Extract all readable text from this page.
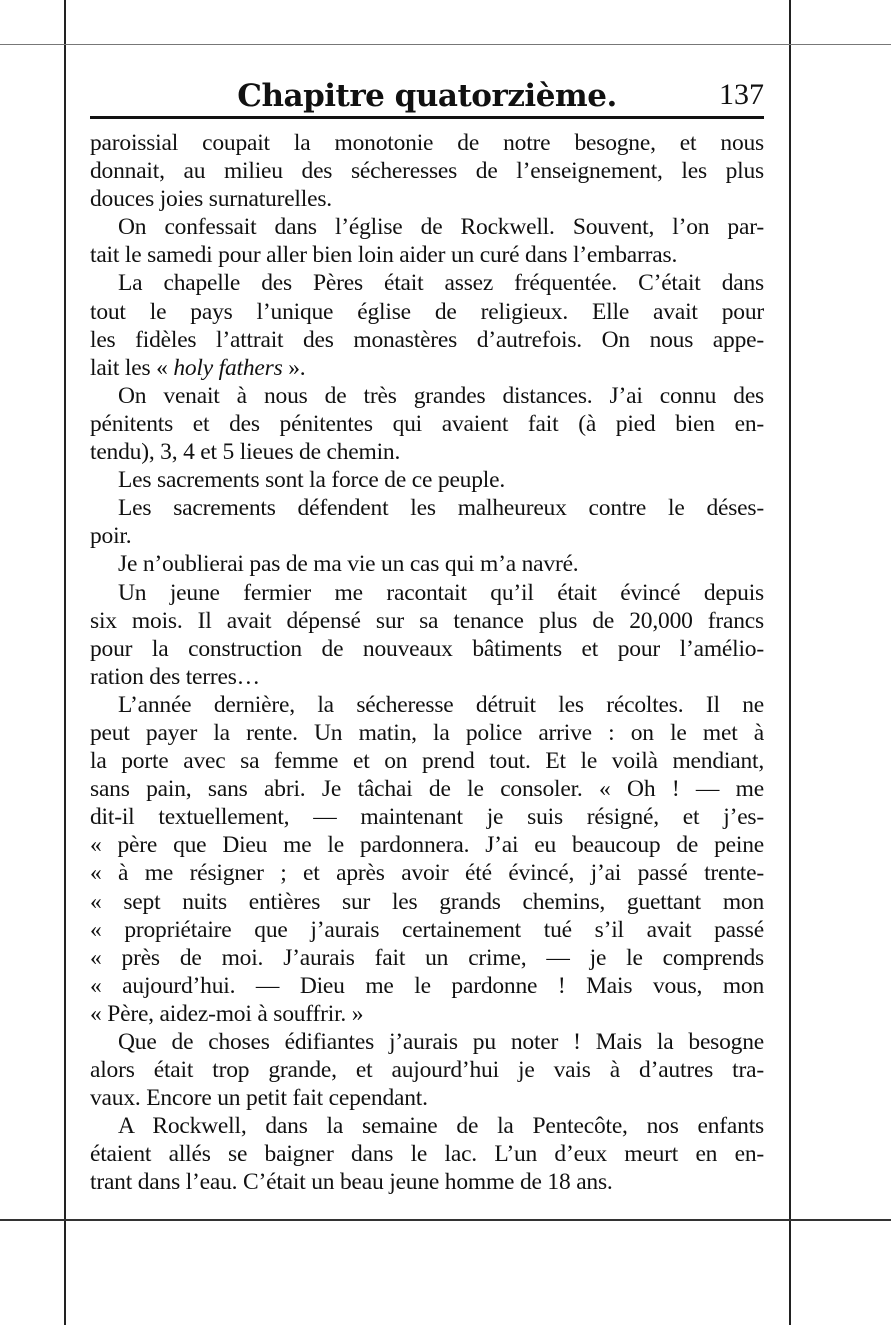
Chapitre quatorzième.	137
paroissial coupait la monotonie de notre besogne, et nous
donnait, au milieu des sécheresses de l’enseignement, les plus
douces joies surnaturelles.
On confessait dans l’église de Rockwell. Souvent, l’on par-
tait le samedi pour aller bien loin aider un curé dans l’embarras.
La chapelle des Pères était assez fréquentée. C’était dans
tout le pays l’unique église de religieux. Elle avait pour
les fidèles l’attrait des monastères d’autrefois. On nous appe-
lait les « holy fathers ».
On venait à nous de très grandes distances. J’ai connu des
pénitents et des pénitentes qui avaient fait (à pied bien en-
tendu), 3, 4 et 5 lieues de chemin.
Les sacrements sont la force de ce peuple.
Les sacrements défendent les malheureux contre le déses-
poir.
Je n’oublierai pas de ma vie un cas qui m’a navré.
Un jeune fermier me racontait qu’il était évincé depuis
six mois. Il avait dépensé sur sa tenance plus de 20,000 francs
pour la construction de nouveaux bâtiments et pour l’amélio-
ration des terres…
L’année dernière, la sécheresse détruit les récoltes. Il ne
peut payer la rente. Un matin, la police arrive : on le met à
la porte avec sa femme et on prend tout. Et le voilà mendiant,
sans pain, sans abri. Je tâchai de le consoler. « Oh ! — me
dit-il textuellement, — maintenant je suis résigné, et j’es-
« père que Dieu me le pardonnera. J’ai eu beaucoup de peine
« à me résigner ; et après avoir été évincé, j’ai passé trente-
« sept nuits entières sur les grands chemins, guettant mon
« propriétaire que j’aurais certainement tué s’il avait passé
« près de moi. J’aurais fait un crime, — je le comprends
« aujourd’hui. — Dieu me le pardonne ! Mais vous, mon
« Père, aidez-moi à souffrir. »
Que de choses édifiantes j’aurais pu noter ! Mais la besogne
alors était trop grande, et aujourd’hui je vais à d’autres tra-
vaux. Encore un petit fait cependant.
A Rockwell, dans la semaine de la Pentecôte, nos enfants
étaient allés se baigner dans le lac. L’un d’eux meurt en en-
trant dans l’eau. C’était un beau jeune homme de 18 ans.
